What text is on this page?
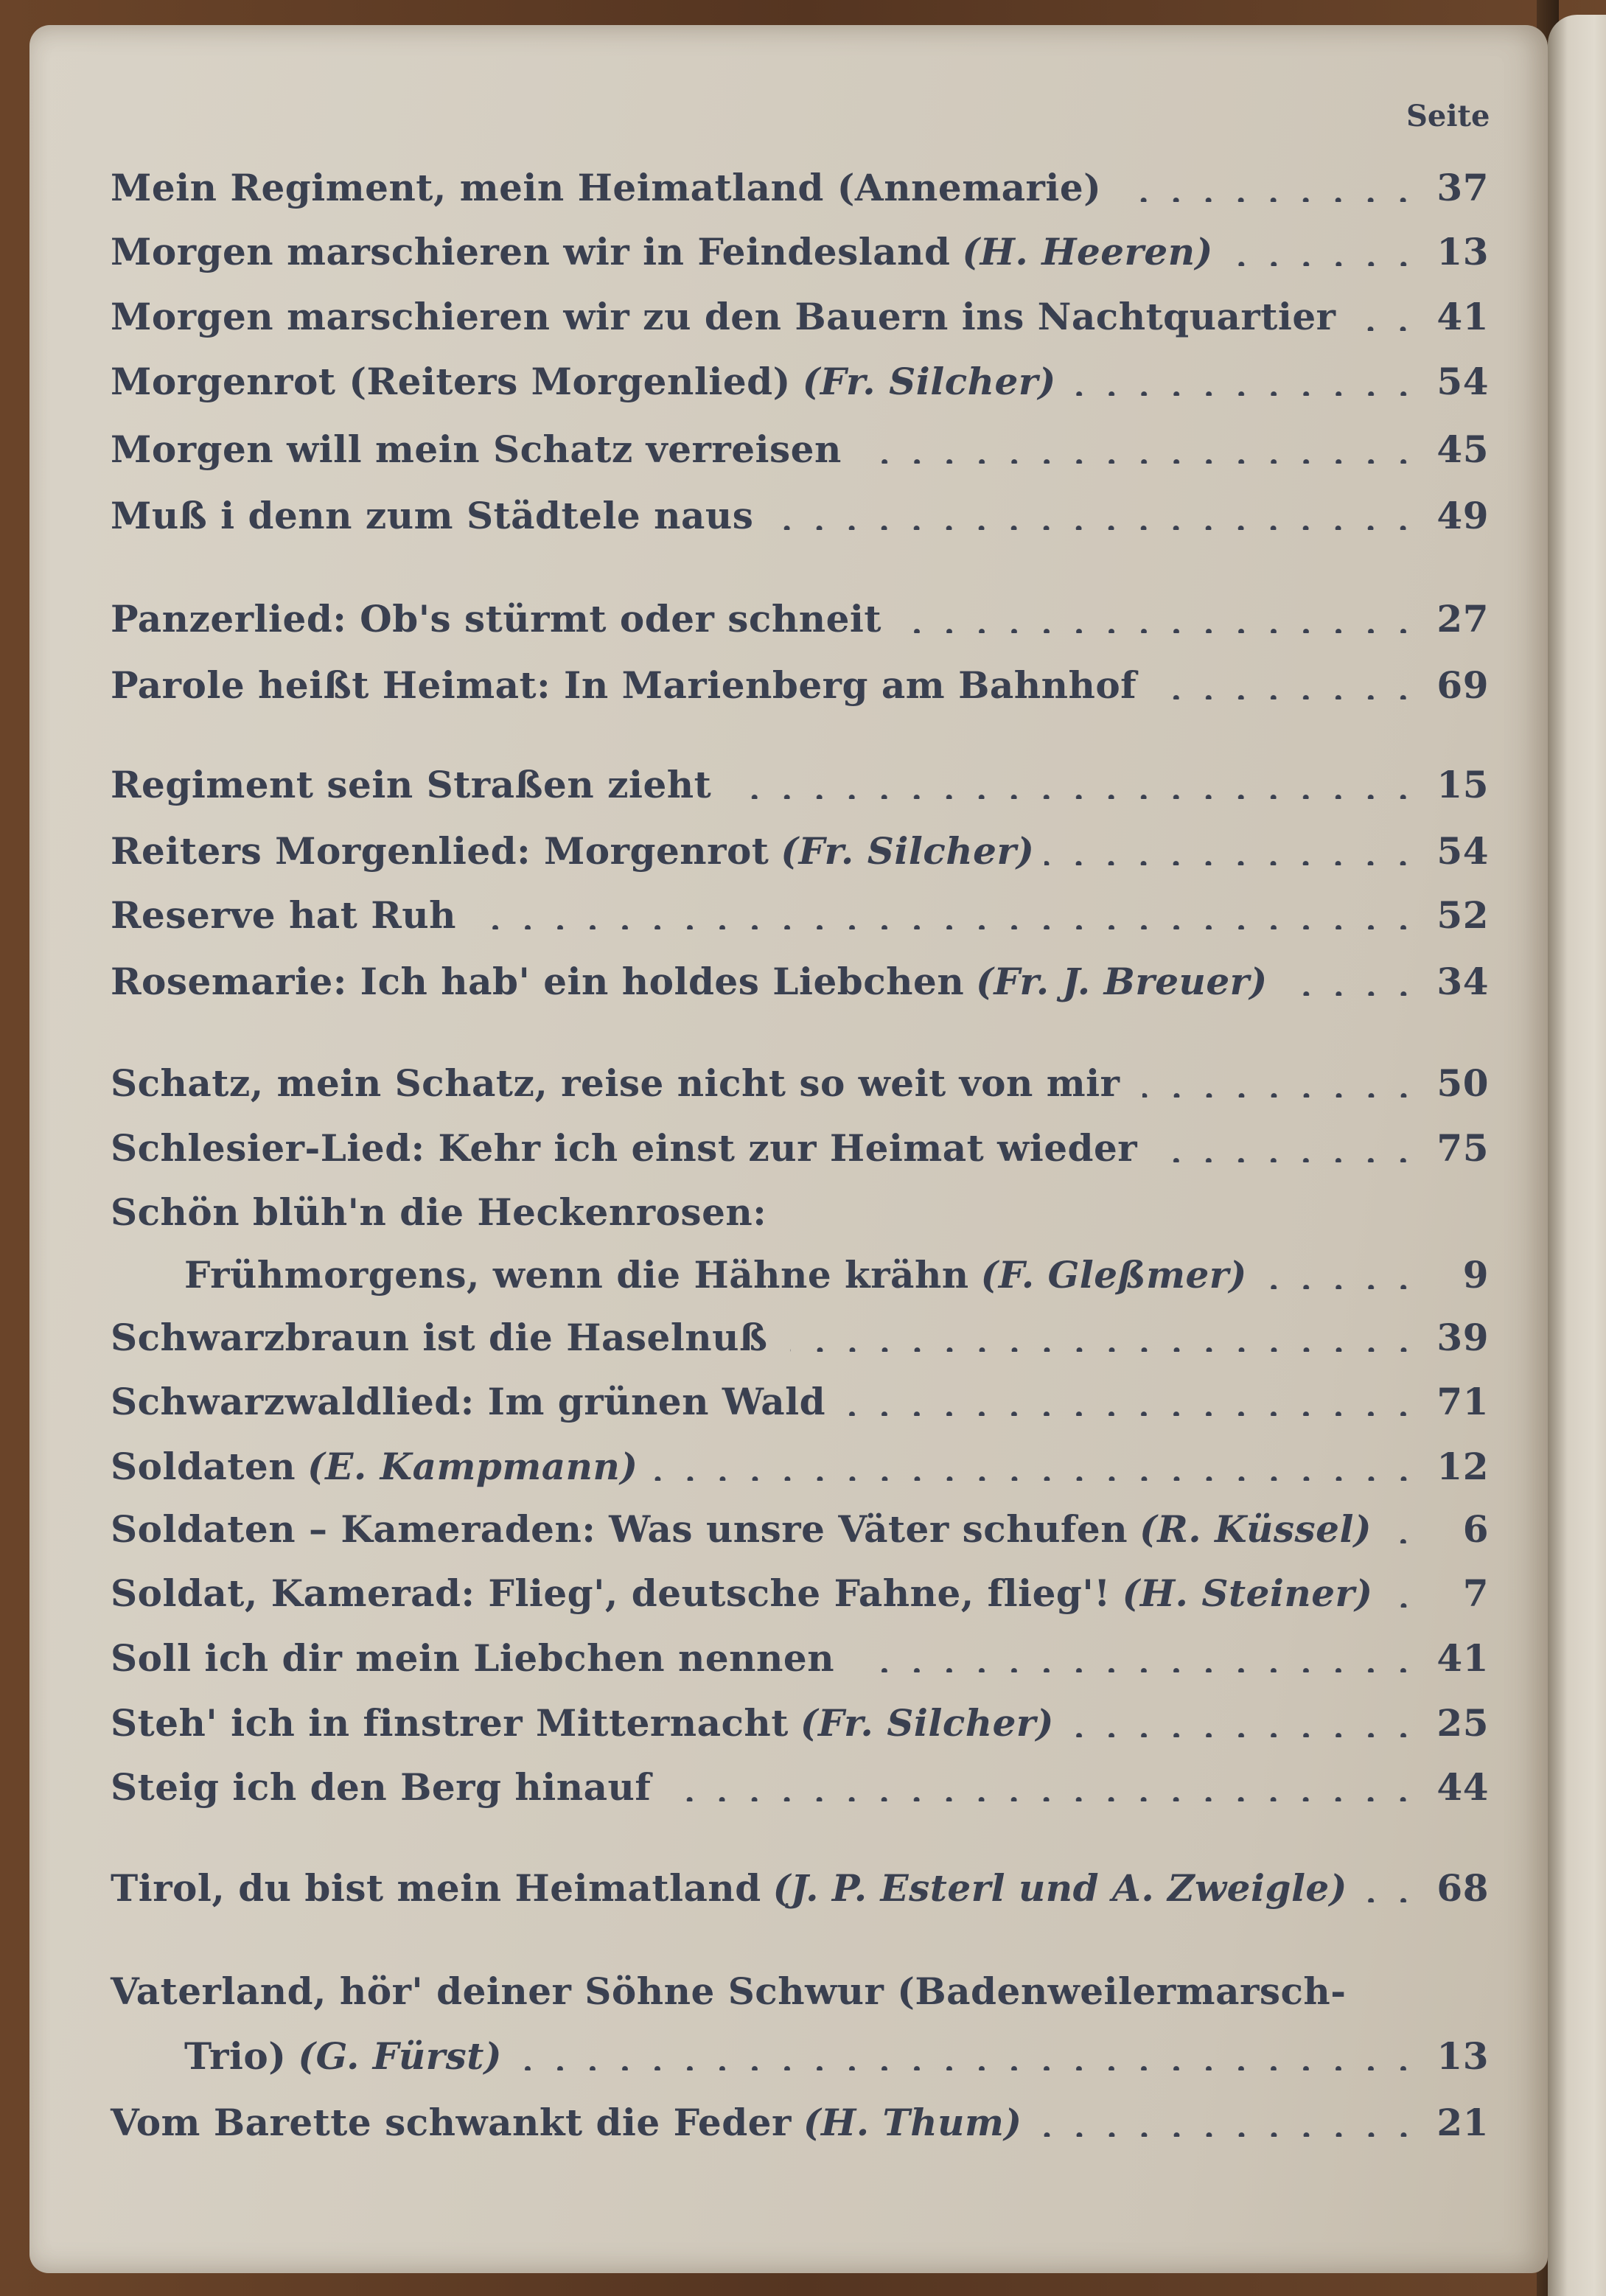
Seite
Mein Regiment, mein Heimatland (Annemarie)	37
Morgen marschieren wir in Feindesland (H. Heeren)	13
Morgen marschieren wir zu den Bauern ins Nachtquartier	41
Morgenrot (Reiters Morgenlied) (Fr. Silcher)	54
Morgen will mein Schatz verreisen	45
Muß i denn zum Städtele naus	49
Panzerlied: Ob's stürmt oder schneit	27
Parole heißt Heimat: In Marienberg am Bahnhof	69
Regiment sein Straßen zieht	15
Reiters Morgenlied: Morgenrot (Fr. Silcher)	54
Reserve hat Ruh	52
Rosemarie: Ich hab' ein holdes Liebchen (Fr. J. Breuer)	34
Schatz, mein Schatz, reise nicht so weit von mir	50
Schlesier-Lied: Kehr ich einst zur Heimat wieder	75
Schön blüh'n die Heckenrosen:
Frühmorgens, wenn die Hähne krähn (F. Gleßmer)	9
Schwarzbraun ist die Haselnuß	39
Schwarzwaldlied: Im grünen Wald	71
Soldaten (E. Kampmann)	12
Soldaten – Kameraden: Was unsre Väter schufen (R. Küssel)	6
Soldat, Kamerad: Flieg', deutsche Fahne, flieg'! (H. Steiner)	7
Soll ich dir mein Liebchen nennen	41
Steh' ich in finstrer Mitternacht (Fr. Silcher)	25
Steig ich den Berg hinauf	44
Tirol, du bist mein Heimatland (J. P. Esterl und A. Zweigle) 68
Vaterland, hör' deiner Söhne Schwur (Badenweilermarsch-
Trio) (G. Fürst)	13
Vom Barette schwankt die Feder (H. Thum)	21
